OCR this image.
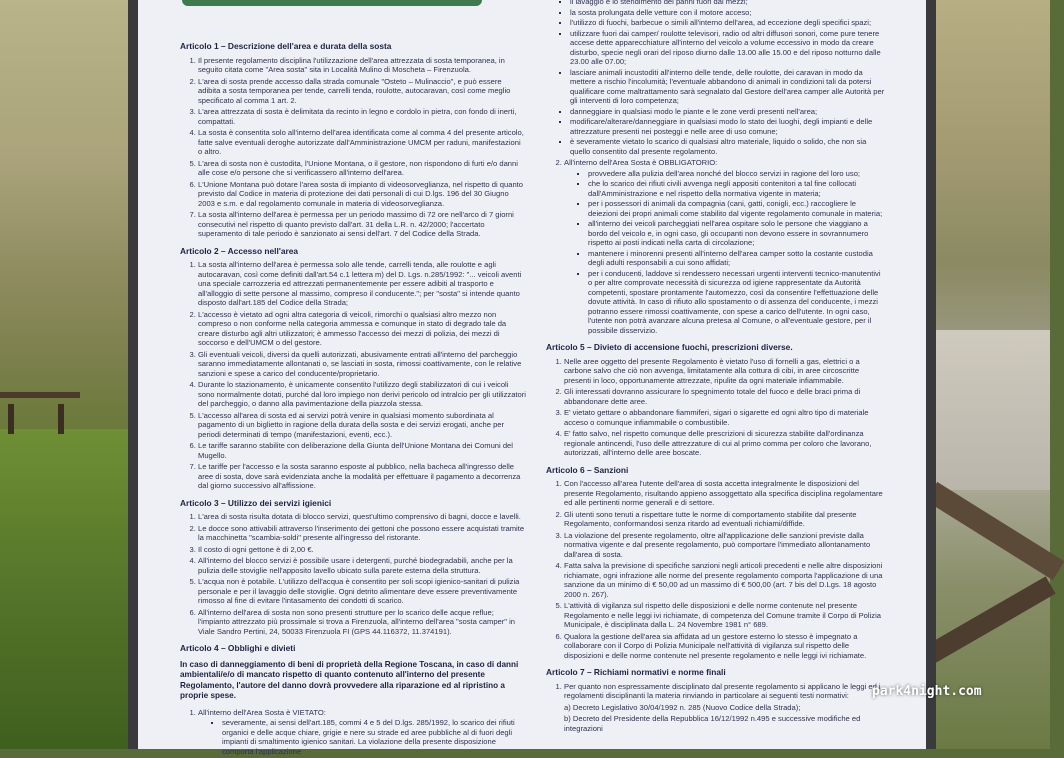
Articolo 1 – Descrizione dell'area e durata della sosta
1. Il presente regolamento disciplina l'utilizzazione dell'area attrezzata di sosta temporanea, in seguito citata come "Area sosta" sita in Località Mulino di Moscheta – Firenzuola.
2. L'area di sosta prende accesso dalla strada comunale "Osteto – Mulinaccio", e può essere adibita a sosta temporanea per tende, carrelli tenda, roulotte, autocaravan, così come meglio specificato al comma 1 art. 2.
3. L'area attrezzata di sosta è delimitata da recinto in legno e cordolo in pietra, con fondo di inerti, compattati.
4. La sosta è consentita solo all'interno dell'area identificata come al comma 4 del presente articolo, fatte salve eventuali deroghe autorizzate dall'Amministrazione UMCM per raduni, manifestazioni o altro.
5. L'area di sosta non è custodita, l'Unione Montana, o il gestore, non rispondono di furti e/o danni alle cose e/o persone che si verificassero all'interno dell'area.
6. L'Unione Montana può dotare l'area sosta di impianto di videosorveglianza, nel rispetto di quanto previsto dal Codice in materia di protezione dei dati personali di cui D.lgs. 196 del 30 Giugno 2003 e s.m. e dal regolamento comunale in materia di videosorveglianza.
7. La sosta all'interno dell'area è permessa per un periodo massimo di 72 ore nell'arco di 7 giorni consecutivi nel rispetto di quanto previsto dall'art. 31 della L.R. n. 42/2000; l'accertato superamento di tale periodo è sanzionato ai sensi dell'art. 7 del Codice della Strada.
Articolo 2 – Accesso nell'area
1. La sosta all'interno dell'area è permessa solo alle tende, carrelli tenda, alle roulotte e agli autocaravan, così come definiti dall'art.54 c.1 lettera m) del D. Lgs. n.285/1992: "... veicoli aventi una speciale carrozzeria ed attrezzati permanentemente per essere adibiti al trasporto e all'alloggio di sette persone al massimo, compreso il conducente."; per "sosta" si intende quanto disposto dall'art.185 del Codice della Strada;
2. L'accesso è vietato ad ogni altra categoria di veicoli, rimorchi o qualsiasi altro mezzo non compreso o non conforme nella categoria ammessa e comunque in stato di degrado tale da creare disturbo agli altri utilizzatori; è ammesso l'accesso dei mezzi di polizia, dei mezzi di soccorso e dell'UMCM o del gestore.
3. Gli eventuali veicoli, diversi da quelli autorizzati, abusivamente entrati all'interno del parcheggio saranno immediatamente allontanati o, se lasciati in sosta, rimossi coattivamente, con le relative sanzioni e spese a carico del conducente/proprietario.
4. Durante lo stazionamento, è unicamente consentito l'utilizzo degli stabilizzatori di cui i veicoli sono normalmente dotati, purché dal loro impiego non derivi pericolo od intralcio per gli utilizzatori del parcheggio, o danno alla pavimentazione della piazzola stessa.
5. L'accesso all'area di sosta ed ai servizi potrà venire in qualsiasi momento subordinata al pagamento di un biglietto in ragione della durata della sosta e dei servizi erogati, anche per periodi determinati di tempo (manifestazioni, eventi, ecc.).
6. Le tariffe saranno stabilite con deliberazione della Giunta dell'Unione Montana dei Comuni del Mugello.
7. Le tariffe per l'accesso e la sosta saranno esposte al pubblico, nella bacheca all'ingresso delle aree di sosta, dove sarà evidenziata anche la modalità per effettuare il pagamento a decorrenza dal giorno successivo all'affissione.
Articolo 3 – Utilizzo dei servizi igienici
1. L'area di sosta risulta dotata di blocco servizi, quest'ultimo comprensivo di bagni, docce e lavelli.
2. Le docce sono attivabili attraverso l'inserimento dei gettoni che possono essere acquistati tramite la macchinetta "scambia-soldi" presente all'ingresso del ristorante.
3. Il costo di ogni gettone è di 2,00 €.
4. All'interno del blocco servizi è possibile usare i detergenti, purché biodegradabili, anche per la pulizia delle stoviglie nell'apposito lavello ubicato sulla parete esterna della struttura.
5. L'acqua non è potabile. L'utilizzo dell'acqua è consentito per soli scopi igienico-sanitari di pulizia personale e per il lavaggio delle stoviglie. Ogni detrito alimentare deve essere preventivamente rimosso al fine di evitare l'intasamento dei condotti di scarico.
6. All'interno dell'area di sosta non sono presenti strutture per lo scarico delle acque reflue; l'impianto attrezzato più prossimale si trova a Firenzuola, all'interno dell'area "sosta camper" in Viale Sandro Pertini, 24, 50033 Firenzuola FI (GPS 44.116372, 11.374191).
Articolo 4 – Obblighi e divieti
In caso di danneggiamento di beni di proprietà della Regione Toscana, in caso di danni ambientali/e/o di mancato rispetto di quanto contenuto all'interno del presente Regolamento, l'autore del danno dovrà provvedere alla riparazione ed al ripristino a proprie spese.
1. All'interno dell'Area Sosta è VIETATO:
▪ severamente, ai sensi dell'art.185, commi 4 e 5 del D.lgs. 285/1992, lo scarico dei rifiuti organici e delle acque chiare, grigie e nere su strade ed aree pubbliche al di fuori degli impianti di smaltimento igienico sanitari. La violazione della presente disposizione comporta l'applicazione
▪ il lavaggio e lo stendimento dei panni fuori dai mezzi;
▪ la sosta prolungata delle vetture con il motore acceso;
▪ l'utilizzo di fuochi, barbecue o simili all'interno dell'area, ad eccezione degli specifici spazi;
▪ utilizzare fuori dai camper/ roulotte televisori, radio od altri diffusori sonori, come pure tenere accese dette apparecchiature all'interno del veicolo a volume eccessivo in modo da creare disturbo, specie negli orari del riposo diurno dalle 13.00 alle 15.00 e del riposo notturno dalle 23.00 alle 07.00;
▪ lasciare animali incustoditi all'interno delle tende, delle roulotte, dei caravan in modo da mettere a rischio l'incolumità; l'eventuale abbandono di animali in condizioni tali da potersi qualificare come maltrattamento sarà segnalato dal Gestore dell'area camper alle Autorità per gli interventi di loro competenza;
▪ danneggiare in qualsiasi modo le piante e le zone verdi presenti nell'area;
▪ modificare/alterare/danneggiare in qualsiasi modo lo stato dei luoghi, degli impianti e delle attrezzature presenti nei posteggi e nelle aree di uso comune;
▪ è severamente vietato lo scarico di qualsiasi altro materiale, liquido o solido, che non sia quello consentito dal presente regolamento.
2. All'interno dell'Area Sosta è OBBLIGATORIO:
▪ provvedere alla pulizia dell'area nonché del blocco servizi in ragione del loro uso;
▪ che lo scarico dei rifiuti civili avvenga negli appositi contenitori a tal fine collocati dall'Amministrazione e nel rispetto della normativa vigente in materia;
▪ per i possessori di animali da compagnia (cani, gatti, conigli, ecc.) raccogliere le deiezioni dei propri animali come stabilito dal vigente regolamento comunale in materia;
▪ all'interno dei veicoli parcheggiati nell'area ospitare solo le persone che viaggiano a bordo del veicolo e, in ogni caso, gli occupanti non devono essere in sovrannumero rispetto ai posti indicati nella carta di circolazione;
▪ mantenere i minorenni presenti all'interno dell'area camper sotto la costante custodia degli adulti responsabili a cui sono affidati;
▪ per i conducenti, laddove si rendessero necessari urgenti interventi tecnico-manutentivi o per altre comprovate necessità di sicurezza od igiene rappresentate da Autorità competenti, spostare prontamente l'automezzo, così da consentire l'effettuazione delle dovute attività. In caso di rifiuto allo spostamento o di assenza del conducente, i mezzi potranno essere rimossi coattivamente, con spese a carico dell'utente. In ogni caso, l'utente non potrà avanzare alcuna pretesa al Comune, o all'eventuale gestore, per il possibile disservizio.
Articolo 5 – Divieto di accensione fuochi, prescrizioni diverse.
1. Nelle aree oggetto del presente Regolamento è vietato l'uso di fornelli a gas, elettrici o a carbone salvo che ciò non avvenga, limitatamente alla cottura di cibi, in aree circoscritte presenti in loco, opportunamente attrezzate, ripulite da ogni materiale infiammabile.
2. Gli interessati dovranno assicurare lo spegnimento totale del fuoco e delle braci prima di abbandonare dette aree.
3. E' vietato gettare o abbandonare fiammiferi, sigari o sigarette ed ogni altro tipo di materiale acceso o comunque infiammabile o combustibile.
4. E' fatto salvo, nel rispetto comunque delle prescrizioni di sicurezza stabilite dall'ordinanza regionale antincendi, l'uso delle attrezzature di cui al primo comma per coloro che lavorano, autorizzati, all'interno delle aree boscate.
Articolo 6 – Sanzioni
1. Con l'accesso all'area l'utente dell'area di sosta accetta integralmente le disposizioni del presente Regolamento, risultando appieno assoggettato alla specifica disciplina regolamentare ed alle pertinenti norme generali e di settore.
2. Gli utenti sono tenuti a rispettare tutte le norme di comportamento stabilite dal presente Regolamento, conformandosi senza ritardo ad eventuali richiami/diffide.
3. La violazione del presente regolamento, oltre all'applicazione delle sanzioni previste dalla normativa vigente e dal presente regolamento, può comportare l'immediato allontanamento dall'area di sosta.
4. Fatta salva la previsione di specifiche sanzioni negli articoli precedenti e nelle altre disposizioni richiamate, ogni infrazione alle norme del presente regolamento comporta l'applicazione di una sanzione da un minimo di € 50,00 ad un massimo di € 500,00 (art. 7 bis del D.Lgs. 18 agosto 2000 n. 267).
5. L'attività di vigilanza sul rispetto delle disposizioni e delle norme contenute nel presente Regolamento e nelle leggi ivi richiamate, di competenza del Comune tramite il Corpo di Polizia Municipale, è disciplinata dalla L. 24 Novembre 1981 n° 689.
6. Qualora la gestione dell'area sia affidata ad un gestore esterno lo stesso è impegnato a collaborare con il Corpo di Polizia Municipale nell'attività di vigilanza sul rispetto delle disposizioni e delle norme contenute nel presente regolamento e nelle leggi ivi richiamate.
Articolo 7 – Richiami normativi e norme finali
1. Per quanto non espressamente disciplinato dal presente regolamento si applicano le leggi ed i regolamenti disciplinanti la materia rinviando in particolare ai seguenti testi normativi:
a) Decreto Legislativo 30/04/1992 n. 285 (Nuovo Codice della Strada);
b) Decreto del Presidente della Repubblica 16/12/1992 n.495 e successive modifiche ed integrazioni
park4night.com
